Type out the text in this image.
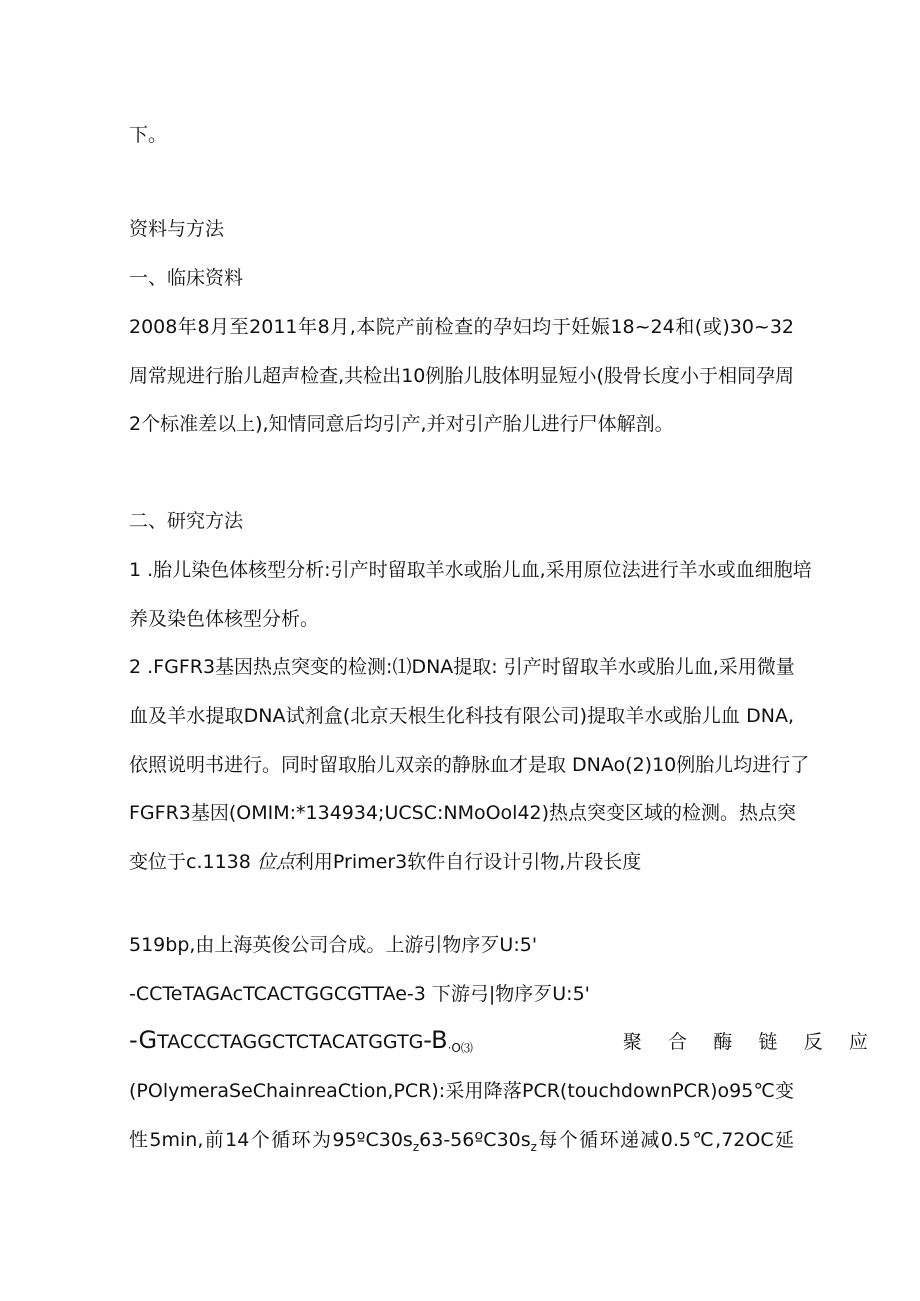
下。
资料与方法
一、临床资料
2008年8月至2011年8月,本院产前检查的孕妇均于妊娠18~24和(或)30~32
周常规进行胎儿超声检查,共检出10例胎儿肢体明显短小(股骨长度小于相同孕周
2个标准差以上),知情同意后均引产,并对引产胎儿进行尸体解剖。
二、研究方法
1 .胎儿染色体核型分析:引产时留取羊水或胎儿血,采用原位法进行羊水或血细胞培
养及染色体核型分析。
2 .FGFR3基因热点突变的检测:⑴DNA提取: 引产时留取羊水或胎儿血,采用微量
血及羊水提取DNA试剂盒(北京天根生化科技有限公司)提取羊水或胎儿血 DNA,
依照说明书进行。同时留取胎儿双亲的静脉血才是取 DNAo(2)10例胎儿均进行了
FGFR3基因(OMIM:*134934;UCSC:NMoOol42)热点突变区域的检测。热点突
变位于c.1138 位点利用Primer3软件自行设计引物,片段长度
519bp,由上海英俊公司合成。上游引物序歹U:5'
-CCTeTAGAcTCACTGGCGTTAe-3 下游弓|物序歹U:5'
$-GTACCCTAGGCTCTACATGGTG-B_{\cdot O⑶}$	聚合酶链反应
(POlymeraSeChainreaCtion,PCR):采用降落PCR(touchdownPCR)o95℃变
性5min,前14个循环为$95ºC30s_z63-56ºC30s_z$每个循环递减0.5℃,72OC延
